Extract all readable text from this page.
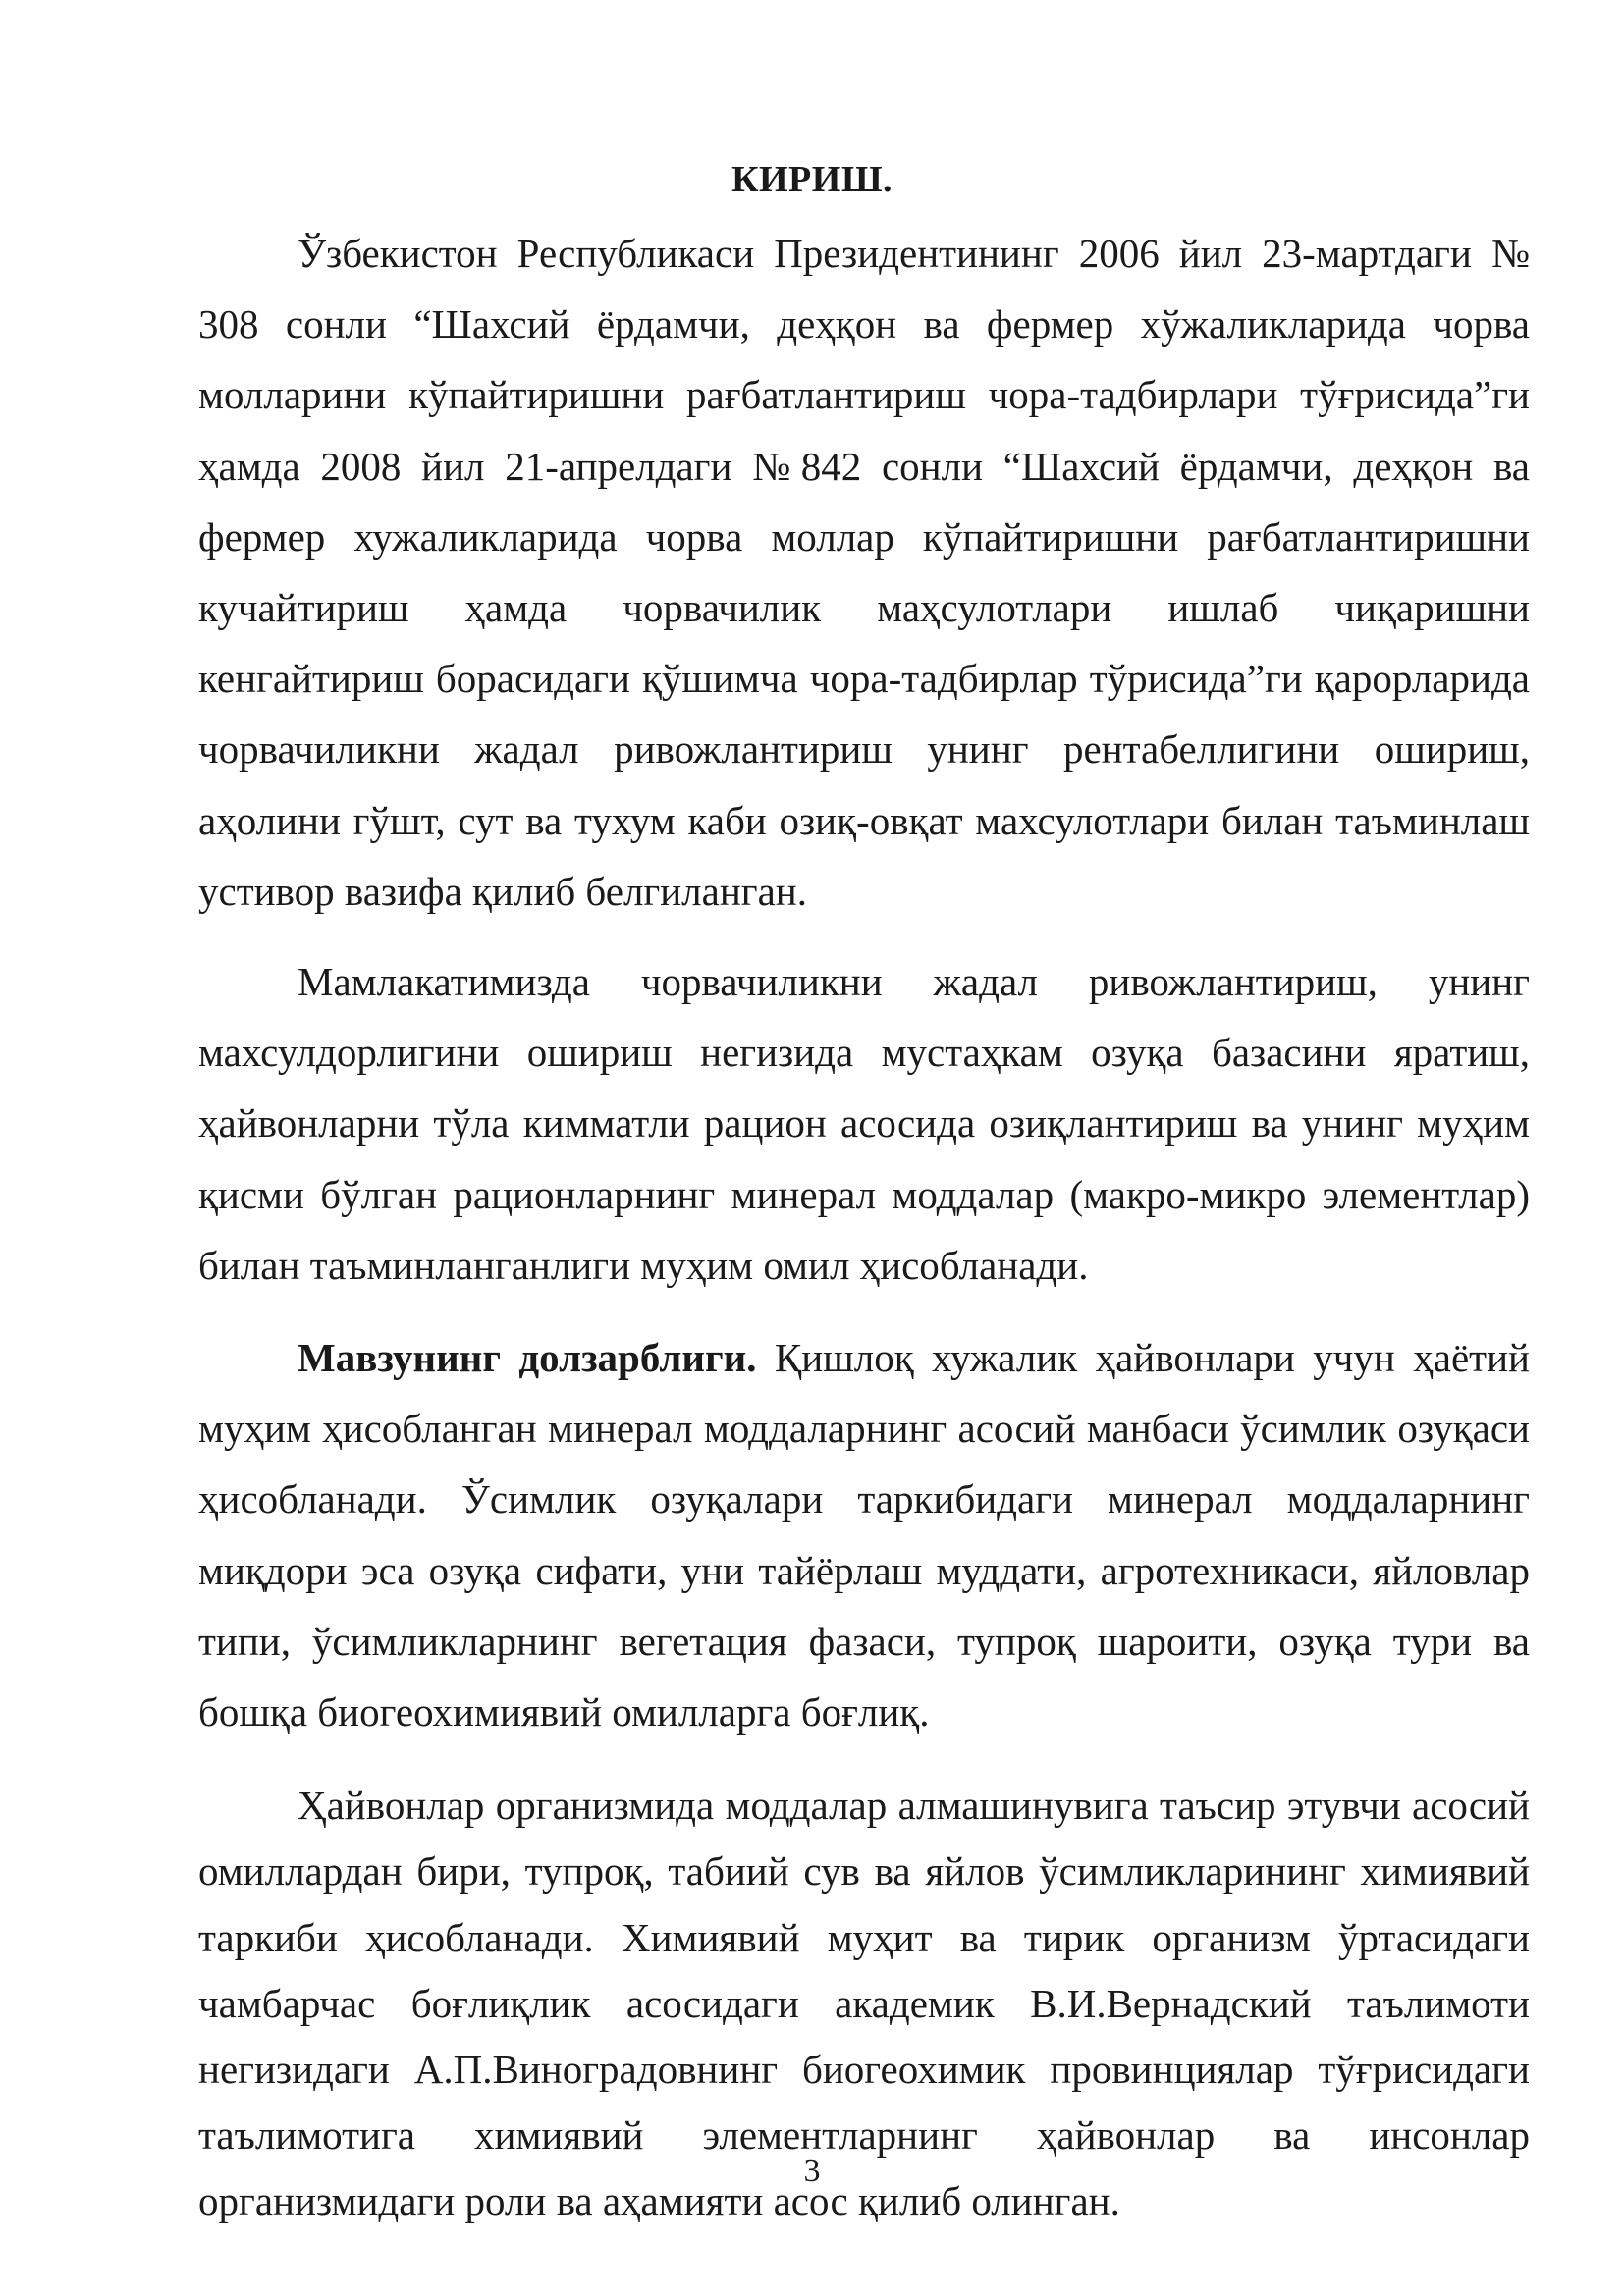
КИРИШ.

Ўзбекистон Республикаси Президентининг 2006 йил 23-мартдаги № 308 сонли “Шахсий ёрдамчи, деҳқон ва фермер хўжаликларида чорва молларини кўпайтиришни рағбатлантириш чора-тадбирлари тўғрисида”ги ҳамда 2008 йил 21-апрелдаги №842 сонли “Шахсий ёрдамчи, деҳқон ва фермер хужаликларида чорва моллар кўпайтиришни рағбатлантиришни кучайтириш ҳамда чорвачилик маҳсулотлари ишлаб чиқаришни кенгайтириш борасидаги қўшимча чора-тадбирлар тўрисида”ги қарорларида чорвачиликни жадал ривожлантириш унинг рентабеллигини ошириш, аҳолини гўшт, сут ва тухум каби озиқ-овқат махсулотлари билан таъминлаш устивор вазифа қилиб белгиланган.

Мамлакатимизда чорвачиликни жадал ривожлантириш, унинг махсулдорлигини ошириш негизида мустаҳкам озуқа базасини яратиш, ҳайвонларни тўла кимматли рацион асосида озиқлантириш ва унинг муҳим қисми бўлган рационларнинг минерал моддалар (макро-микро элементлар) билан таъминланганлиги муҳим омил ҳисобланади.

Мавзунинг долзарблиги. Қишлоқ хужалик ҳайвонлари учун ҳаётий муҳим ҳисобланган минерал моддаларнинг асосий манбаси ўсимлик озуқаси ҳисобланади. Ўсимлик озуқалари таркибидаги минерал моддаларнинг миқдори эса озуқа сифати, уни тайёрлаш муддати, агротехникаси, яйловлар типи, ўсимликларнинг вегетация фазаси, тупроқ шароити, озуқа тури ва бошқа биогеохимиявий омилларга боғлиқ.

Ҳайвонлар организмида моддалар алмашинувига таъсир этувчи асосий омиллардан бири, тупроқ, табиий сув ва яйлов ўсимликларининг химиявий таркиби ҳисобланади. Химиявий муҳит ва тирик организм ўртасидаги чамбарчас боғлиқлик асосидаги академик В.И.Вернадский таълимоти негизидаги А.П.Виноградовнинг биогеохимик провинциялар тўғрисидаги таълимотига химиявий элементларнинг ҳайвонлар ва инсонлар организмидаги роли ва аҳамияти асос қилиб олинган.

3
